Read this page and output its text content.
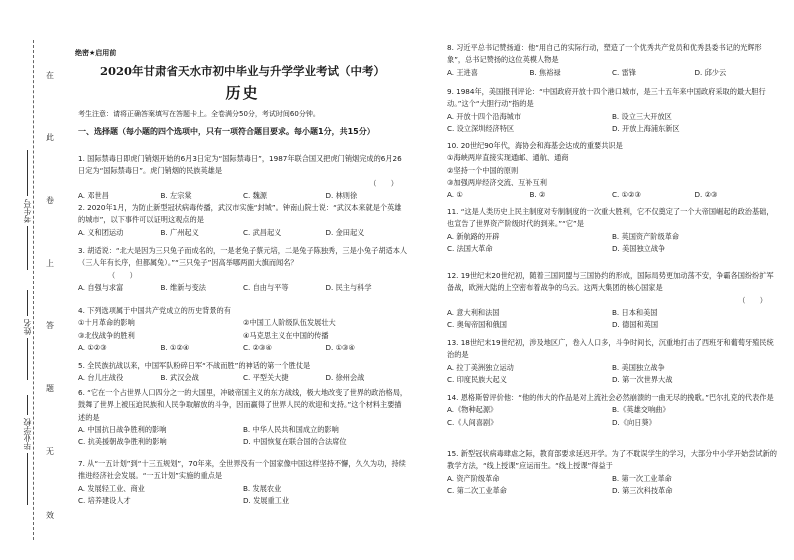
在
此
卷
上
答
题
无
效
考生号
姓名
毕业学校
绝密★启用前
2020年甘肃省天水市初中毕业与升学学业考试（中考）
历史
考生注意：请将正确答案填写在答题卡上。全卷满分50分，考试时间60分钟。
一、选择题（每小题的四个选项中，只有一项符合题目要求。每小题1分，共15分）
1. 国际禁毒日即虎门销烟开始的6月3日定为“国际禁毒日”，1987年联合国又把虎门销烟完成的6月26日定为“国际禁毒日”。虎门销烟的民族英雄是
（　　）
A. 邓世昌	B. 左宗棠	C. 魏源	D. 林则徐
2. 2020年1月，为防止新型冠状病毒传播，武汉市实施“封城”。钟南山院士说：“武汉本来就是个英雄的城市”，以下事件可以证明这观点的是
A. 义和团运动	B. 广州起义	C. 武昌起义	D. 金田起义
3. 胡适说：“北大是因为三只兔子而成名的，一是老兔子蔡元培，二是兔子陈独秀，三是小兔子胡适本人（三人年有长序，但都属兔）。”“三只兔子”因高举哪两面大旗而闻名？
（　　）
A. 自强与求富	B. 维新与变法	C. 自由与平等	D. 民主与科学
4. 下列选项属于中国共产党成立的历史背景的有
①十月革命的影响	②中国工人阶级队伍发展壮大
③北伐战争的胜利	④马克思主义在中国的传播
A. ①②③	B. ①②④	C. ②③④	D. ①③④
5. 全民族抗战以来，中国军队粉碎日军“不战而胜”的神话的第一个胜仗是
A. 台儿庄战役	B. 武汉会战	C. 平型关大捷	D. 徐州会战
6. “它在一个占世界人口四分之一的大国里，冲破帝国主义的东方战线，极大地改变了世界的政治格局，鼓舞了世界上被压迫民族和人民争取解放的斗争，因而赢得了世界人民的欢迎和支持。”这个材料主要描述的是
A. 中国抗日战争胜利的影响	B. 中华人民共和国成立的影响
C. 抗美援朝战争胜利的影响	D. 中国恢复在联合国的合法席位
7. 从“一五计划”到“十三五规划”，70年来，全世界没有一个国家像中国这样坚持不懈，久久为功，持续推进经济社会发展。“一五计划”实施的重点是
A. 发展轻工业、商业	B. 发展农业
C. 培养建设人才	D. 发展重工业
8. 习近平总书记赞扬道：他“用自己的实际行动，塑造了一个优秀共产党员和优秀县委书记的光辉形象”，总书记赞扬的这位英模人物是
A. 王进喜	B. 焦裕禄	C. 雷锋	D. 邱少云
9. 1984年，美国报刊评论：“中国政府开放十四个港口城市，是三十五年来中国政府采取的最大胆行动。”这个“大胆行动”指的是
A. 开放十四个沿海城市	B. 设立三大开放区
C. 设立深圳经济特区	D. 开放上海浦东新区
10. 20世纪90年代，海协会和海基会达成的重要共识是
①海峡两岸直接实现通邮、通航、通商
②坚持一个中国的原则
③加强两岸经济交流、互补互利
A. ①	B. ②	C. ①②③	D. ②③
11. “这是人类历史上民主制度对专制制度的一次重大胜利，它不仅奠定了一个大帝国崛起的政治基础，也宣告了世界资产阶级时代的到来。”“它”是
A. 新航路的开辟	B. 英国资产阶级革命
C. 法国大革命	D. 美国独立战争
12. 19世纪末20世纪初，随着三国同盟与三国协约的形成，国际局势更加动荡不安，争霸各国纷纷扩军备战，欧洲大陆的上空密布着战争的乌云。这两大集团的核心国家是
（　　）
A. 意大利和法国	B. 日本和美国
C. 奥匈帝国和俄国	D. 德国和英国
13. 18世纪末19世纪初，涉及地区广，卷入人口多，斗争时间长，沉重地打击了西班牙和葡萄牙殖民统治的是
A. 拉丁美洲独立运动	B. 美国独立战争
C. 印度民族大起义	D. 第一次世界大战
14. 恩格斯曾评价他：“他的伟大的作品是对上流社会必然崩溃的一曲无尽的挽歌。”巴尔扎克的代表作是
A.《物种起源》	B.《英雄交响曲》
C.《人间喜剧》	D.《向日葵》
15. 新型冠状病毒肆虐之际，教育部要求延迟开学。为了不耽误学生的学习，大部分中小学开始尝试新的教学方法，“线上授课”应运而生。“线上授课”得益于
A. 资产阶级革命	B. 第一次工业革命
C. 第二次工业革命	D. 第三次科技革命
